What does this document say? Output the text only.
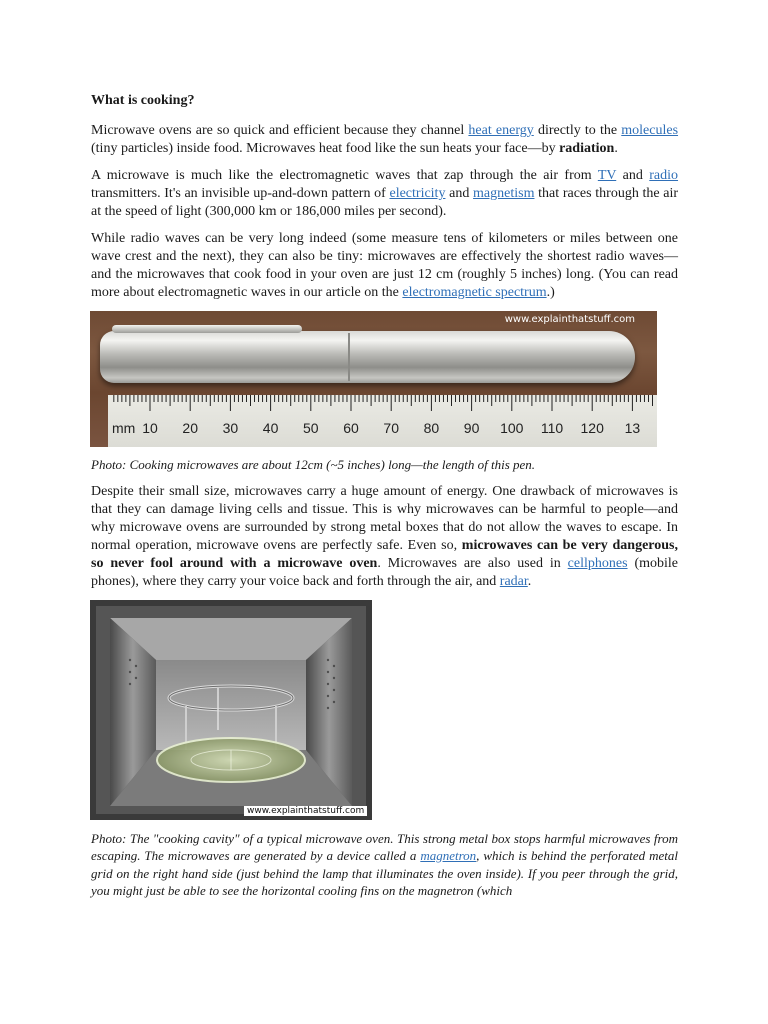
What is cooking?

Microwave ovens are so quick and efficient because they channel heat energy directly to the molecules (tiny particles) inside food. Microwaves heat food like the sun heats your face—by radiation.

A microwave is much like the electromagnetic waves that zap through the air from TV and radio transmitters. It's an invisible up-and-down pattern of electricity and magnetism that races through the air at the speed of light (300,000 km or 186,000 miles per second).

While radio waves can be very long indeed (some measure tens of kilometers or miles between one wave crest and the next), they can also be tiny: microwaves are effectively the shortest radio waves—and the microwaves that cook food in your oven are just 12 cm (roughly 5 inches) long. (You can read more about electromagnetic waves in our article on the electromagnetic spectrum.)

www.explainthatstuff.com
mm 10 20 30 40 50 60 70 80 90 100 110 120 13

Photo: Cooking microwaves are about 12cm (~5 inches) long—the length of this pen.

Despite their small size, microwaves carry a huge amount of energy. One drawback of microwaves is that they can damage living cells and tissue. This is why microwaves can be harmful to people—and why microwave ovens are surrounded by strong metal boxes that do not allow the waves to escape. In normal operation, microwave ovens are perfectly safe. Even so, microwaves can be very dangerous, so never fool around with a microwave oven. Microwaves are also used in cellphones (mobile phones), where they carry your voice back and forth through the air, and radar.

www.explainthatstuff.com

Photo: The "cooking cavity" of a typical microwave oven. This strong metal box stops harmful microwaves from escaping. The microwaves are generated by a device called a magnetron, which is behind the perforated metal grid on the right hand side (just behind the lamp that illuminates the oven inside). If you peer through the grid, you might just be able to see the horizontal cooling fins on the magnetron (which
